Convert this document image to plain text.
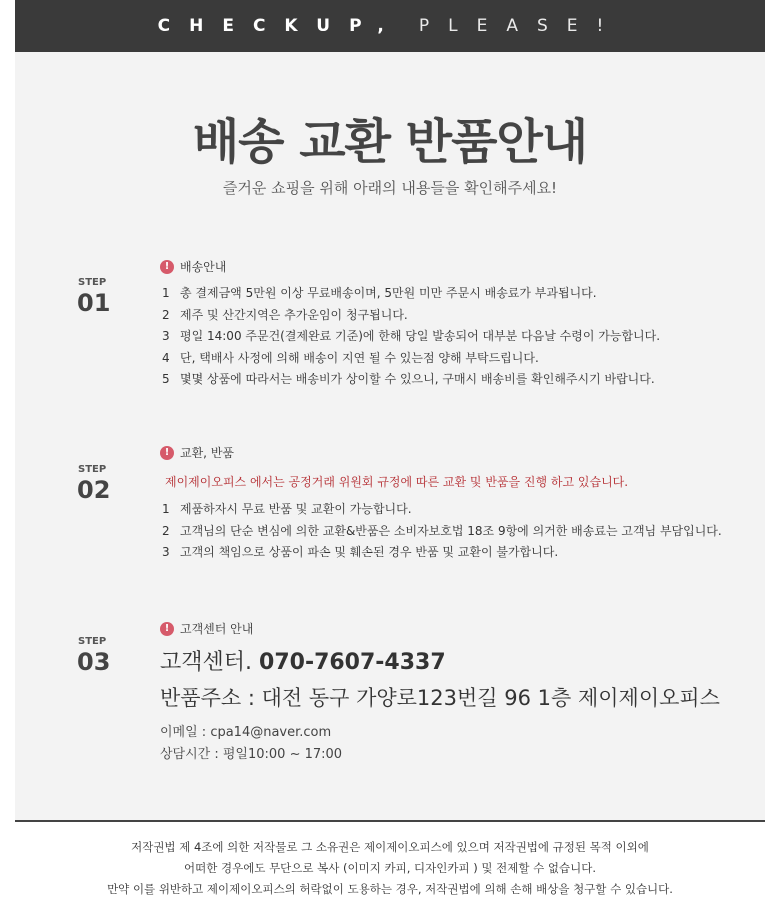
CHECKUP, PLEASE!
배송 교환 반품안내
즐거운 쇼핑을 위해 아래의 내용들을 확인해주세요!
STEP
01
! 배송안내
1 총 결제금액 5만원 이상 무료배송이며, 5만원 미만 주문시 배송료가 부과됩니다.
2 제주 및 산간지역은 추가운임이 청구됩니다.
3 평일 14:00 주문건(결제완료 기준)에 한해 당일 발송되어 대부분 다음날 수령이 가능합니다.
4 단, 택배사 사정에 의해 배송이 지연 될 수 있는점 양해 부탁드립니다.
5 몇몇 상품에 따라서는 배송비가 상이할 수 있으니, 구매시 배송비를 확인해주시기 바랍니다.
STEP
02
! 교환, 반품
제이제이오피스 에서는 공정거래 위원회 규정에 따른 교환 및 반품을 진행 하고 있습니다.
1 제품하자시 무료 반품 및 교환이 가능합니다.
2 고객님의 단순 변심에 의한 교환&반품은 소비자보호법 18조 9항에 의거한 배송료는 고객님 부담입니다.
3 고객의 책임으로 상품이 파손 및 훼손된 경우 반품 및 교환이 불가합니다.
STEP
03
! 고객센터 안내
고객센터. 070-7607-4337
반품주소 : 대전 동구 가양로123번길 96 1층 제이제이오피스
이메일 : cpa14@naver.com
상담시간 : 평일10:00 ~ 17:00
저작권법 제 4조에 의한 저작물로 그 소유권은 제이제이오피스에 있으며 저작권법에 규정된 목적 이외에
어떠한 경우에도 무단으로 복사 (이미지 카피, 디자인카피 ) 및 전제할 수 없습니다.
만약 이를 위반하고 제이제이오피스의 허락없이 도용하는 경우, 저작권법에 의해 손해 배상을 청구할 수 있습니다.
